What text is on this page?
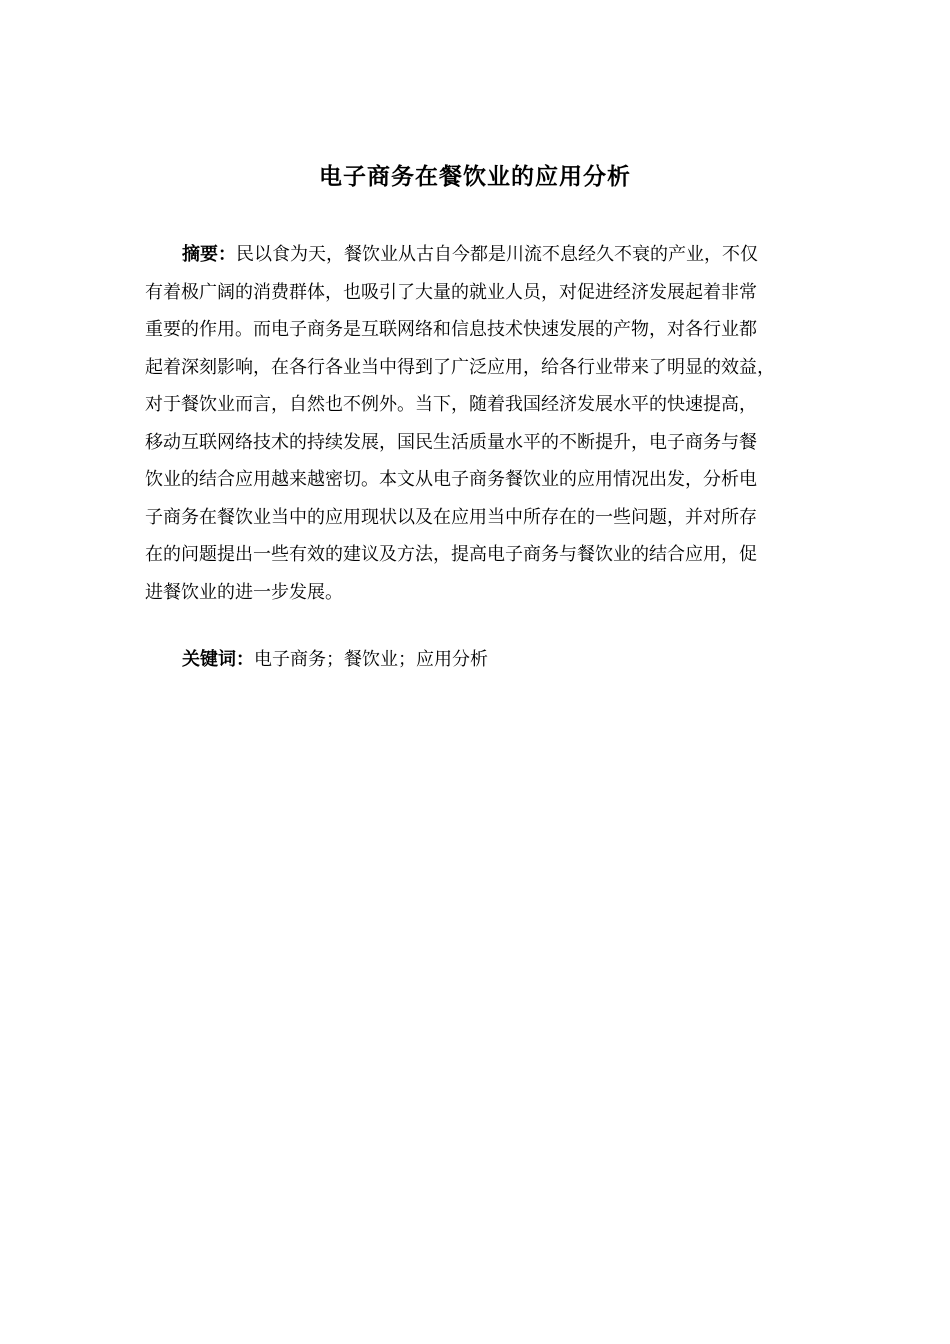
电子商务在餐饮业的应用分析
摘要：民以食为天，餐饮业从古自今都是川流不息经久不衰的产业，不仅
有着极广阔的消费群体，也吸引了大量的就业人员，对促进经济发展起着非常
重要的作用。而电子商务是互联网络和信息技术快速发展的产物，对各行业都
起着深刻影响，在各行各业当中得到了广泛应用，给各行业带来了明显的效益，
对于餐饮业而言，自然也不例外。当下，随着我国经济发展水平的快速提高，
移动互联网络技术的持续发展，国民生活质量水平的不断提升，电子商务与餐
饮业的结合应用越来越密切。本文从电子商务餐饮业的应用情况出发，分析电
子商务在餐饮业当中的应用现状以及在应用当中所存在的一些问题，并对所存
在的问题提出一些有效的建议及方法，提高电子商务与餐饮业的结合应用，促
进餐饮业的进一步发展。
关键词：电子商务；餐饮业；应用分析
